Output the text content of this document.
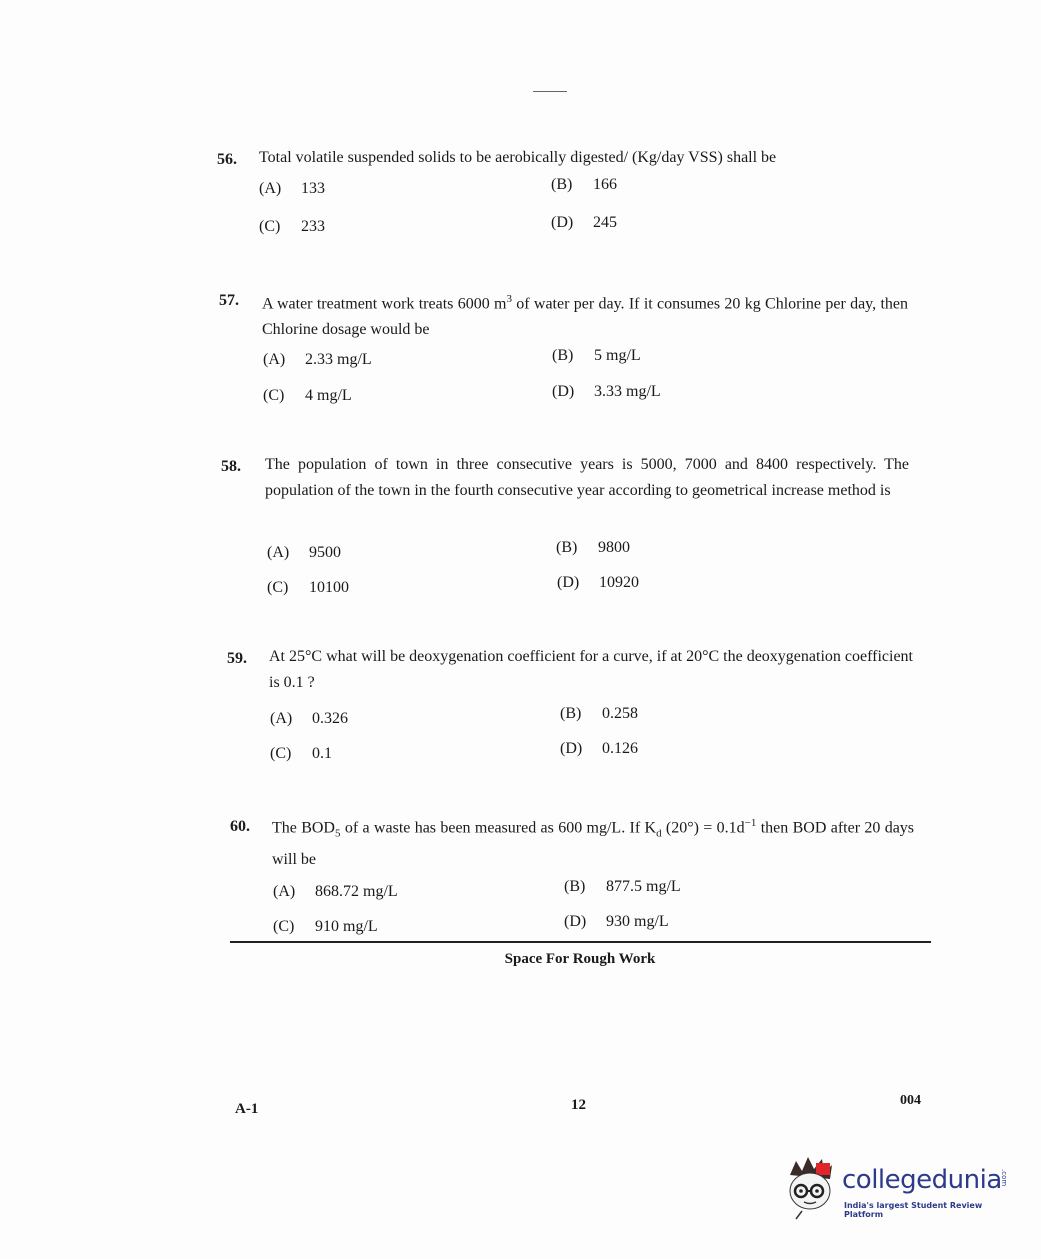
56. Total volatile suspended solids to be aerobically digested/ (Kg/day VSS) shall be
(A) 133	(B) 166
(C) 233	(D) 245
57. A water treatment work treats 6000 $m^3$ of water per day. If it consumes 20 kg Chlorine per day, then Chlorine dosage would be
(A) 2.33 mg/L	(B) 5 mg/L
(C) 4 mg/L	(D) 3.33 mg/L
58. The population of town in three consecutive years is 5000, 7000 and 8400 respectively. The population of the town in the fourth consecutive year according to geometrical increase method is
(A) 9500	(B) 9800
(C) 10100	(D) 10920
59. At 25°C what will be deoxygenation coefficient for a curve, if at 20°C the deoxygenation coefficient is 0.1 ?
(A) 0.326	(B) 0.258
(C) 0.1	(D) 0.126
60. The $BOD_5$ of a waste has been measured as 600 mg/L. If $K_d$ $(20^\circ) = 0.1d^{-1}$ then BOD after 20 days will be
(A) 868.72 mg/L	(B) 877.5 mg/L
(C) 910 mg/L	(D) 930 mg/L
Space For Rough Work
A-1	12	004
collegedunia
.com
India's largest Student Review Platform
